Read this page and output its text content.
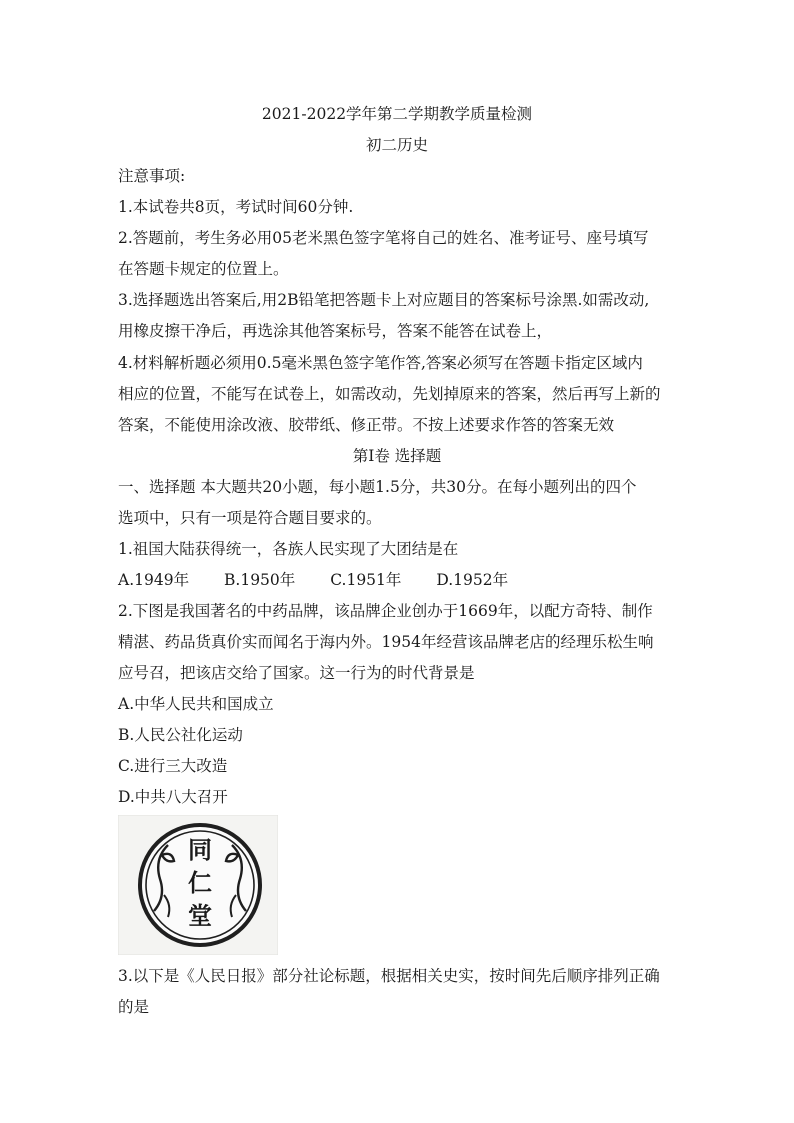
2021-2022学年第二学期教学质量检测
初二历史
注意事项:
1.本试卷共8页，考试时间60分钟.
2.答题前，考生务必用05老米黑色签字笔将自己的姓名、准考证号、座号填写
在答题卡规定的位置上。
3.选择题选出答案后,用2B铅笔把答题卡上对应题目的答案标号涂黑.如需改动,
用橡皮擦干净后，再选涂其他答案标号，答案不能答在试卷上，
4.材料解析题必须用0.5毫米黑色签字笔作答,答案必须写在答题卡指定区域内
相应的位置，不能写在试卷上，如需改动，先划掉原来的答案，然后再写上新的
答案，不能使用涂改液、胶带纸、修正带。不按上述要求作答的答案无效
第I卷 选择题
一、选择题 本大题共20小题，每小题1.5分，共30分。在每小题列出的四个
选项中，只有一项是符合题目要求的。
1.祖国大陆获得统一，各族人民实现了大团结是在
A.1949年 B.1950年 C.1951年 D.1952年
2.下图是我国著名的中药品牌，该品牌企业创办于1669年，以配方奇特、制作
精湛、药品货真价实而闻名于海内外。1954年经营该品牌老店的经理乐松生响
应号召，把该店交给了国家。这一行为的时代背景是
A.中华人民共和国成立
B.人民公社化运动
C.进行三大改造
D.中共八大召开
同
仁
堂
3.以下是《人民日报》部分社论标题，根据相关史实，按时间先后顺序排列正确
的是
